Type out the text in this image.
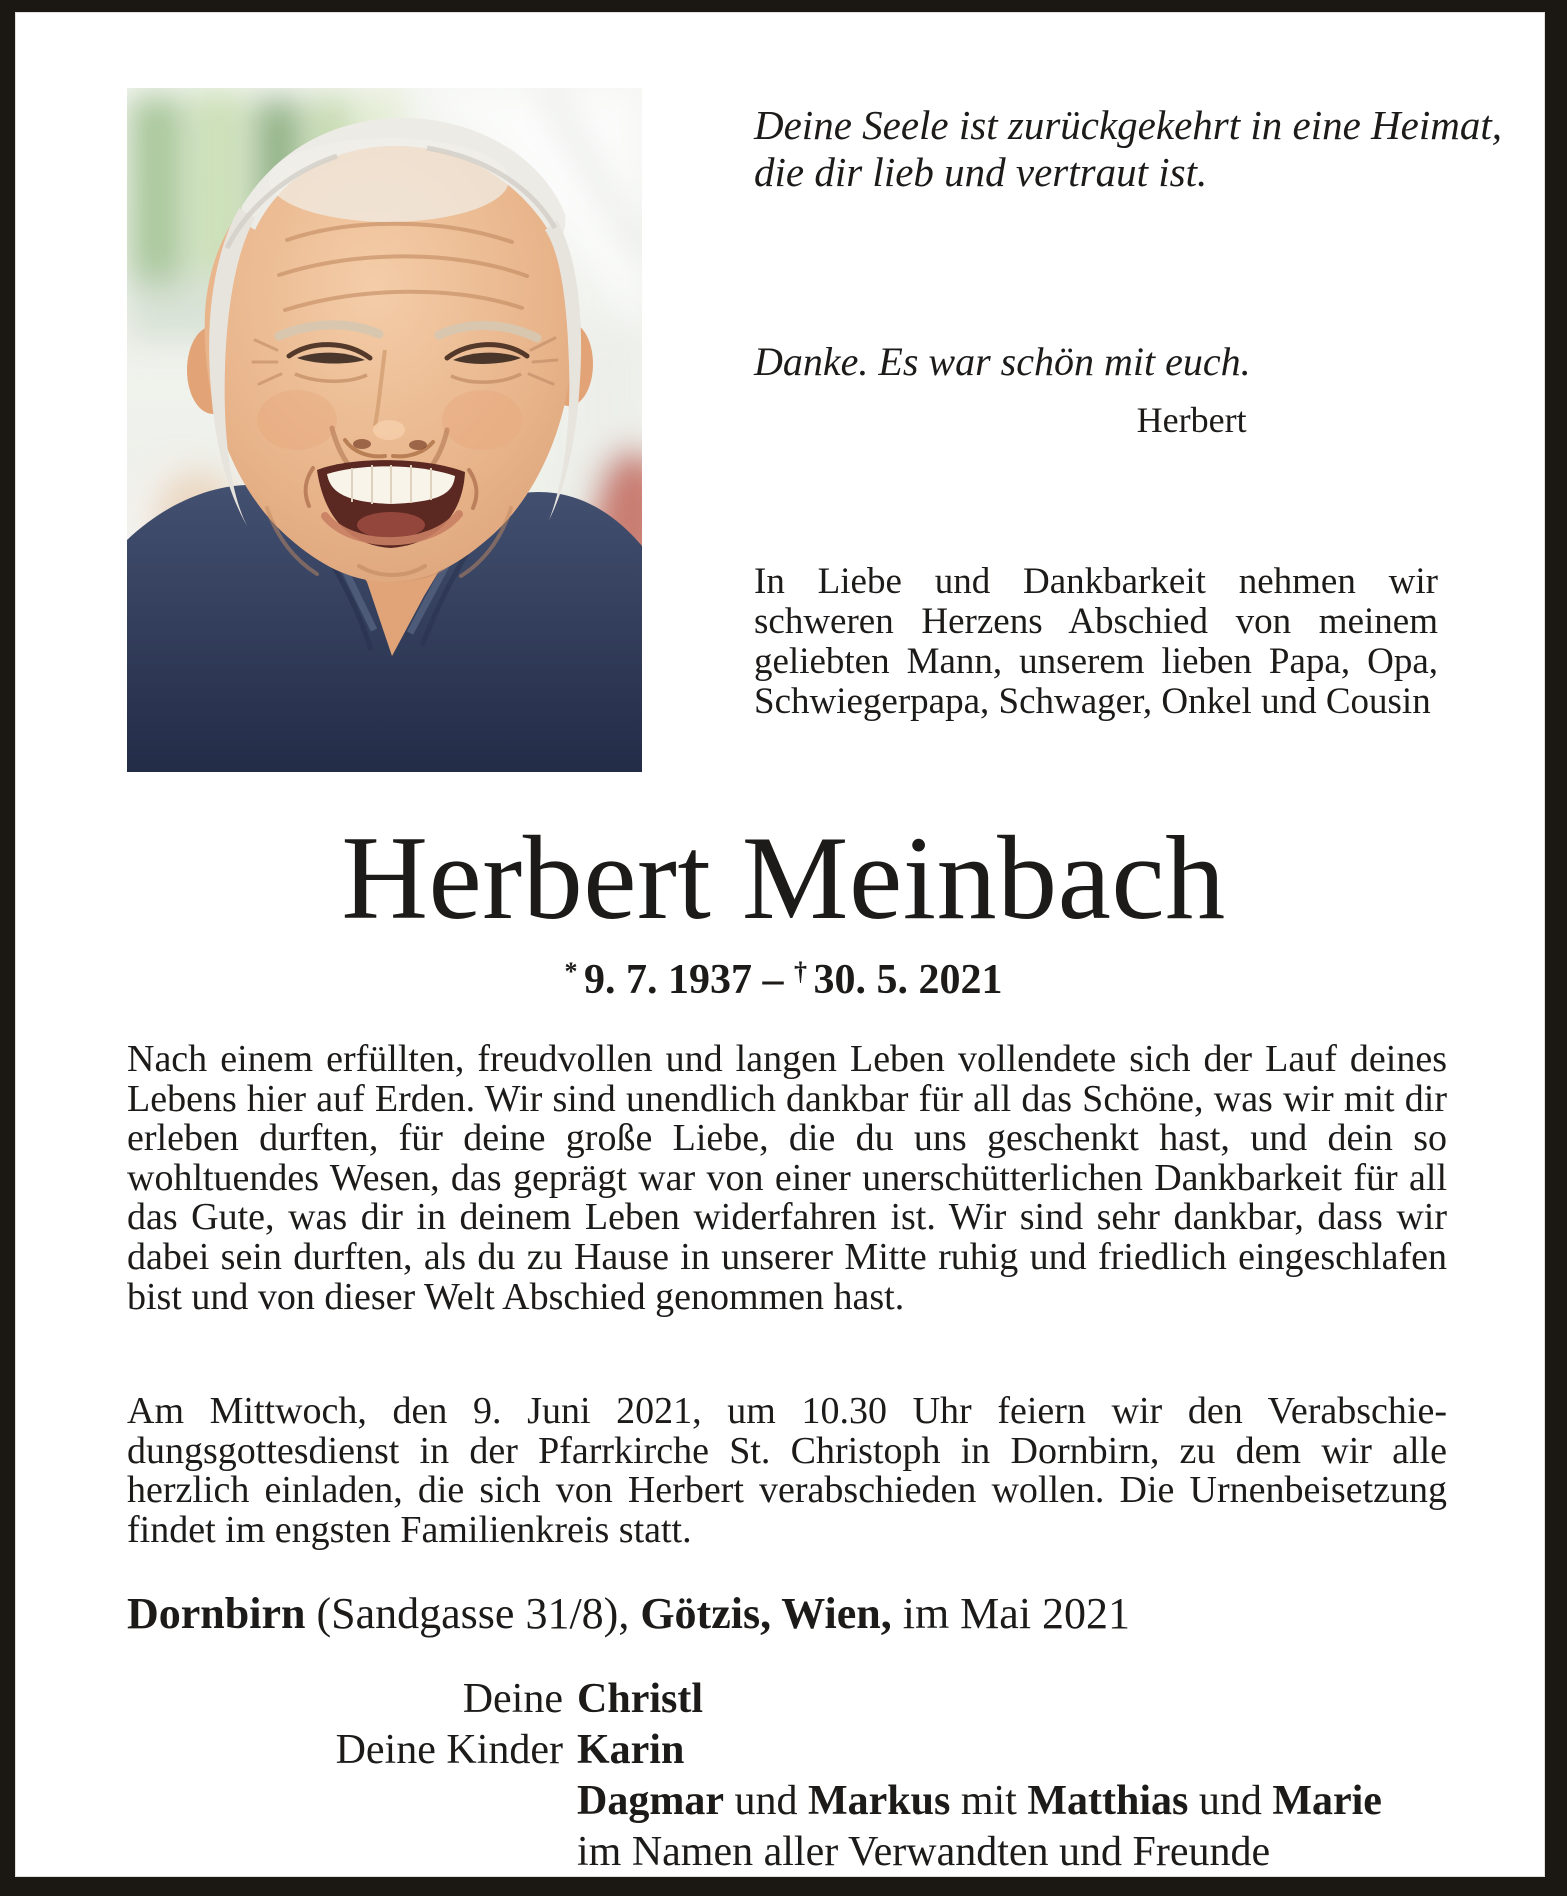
Deine Seele ist zurückgekehrt in eine Heimat,
die dir lieb und vertraut ist.
Danke. Es war schön mit euch.
Herbert
In Liebe und Dankbarkeit nehmen wir schweren Herzens Abschied von meinem geliebten Mann, unserem lieben Papa, Opa, Schwiegerpapa, Schwager, Onkel und Cousin
Herbert Meinbach
* 9. 7. 1937 – † 30. 5. 2021

Nach einem erfüllten, freudvollen und langen Leben vollendete sich der Lauf deines Lebens hier auf Erden. Wir sind unendlich dankbar für all das Schöne, was wir mit dir erleben durften, für deine große Liebe, die du uns geschenkt hast, und dein so wohltuendes Wesen, das geprägt war von einer unerschütterlichen Dankbarkeit für all das Gute, was dir in deinem Leben widerfahren ist. Wir sind sehr dankbar, dass wir dabei sein durften, als du zu Hause in unserer Mitte ruhig und friedlich eingeschlafen bist und von dieser Welt Abschied genommen hast.

Am Mittwoch, den 9. Juni 2021, um 10.30 Uhr feiern wir den Verabschiedungsgottesdienst in der Pfarrkirche St. Christoph in Dornbirn, zu dem wir alle herzlich einladen, die sich von Herbert verabschieden wollen. Die Urnenbeisetzung findet im engsten Familienkreis statt.

Dornbirn (Sandgasse 31/8), Götzis, Wien, im Mai 2021
Deine Christl
Deine Kinder Karin
Dagmar und Markus mit Matthias und Marie
im Namen aller Verwandten und Freunde
